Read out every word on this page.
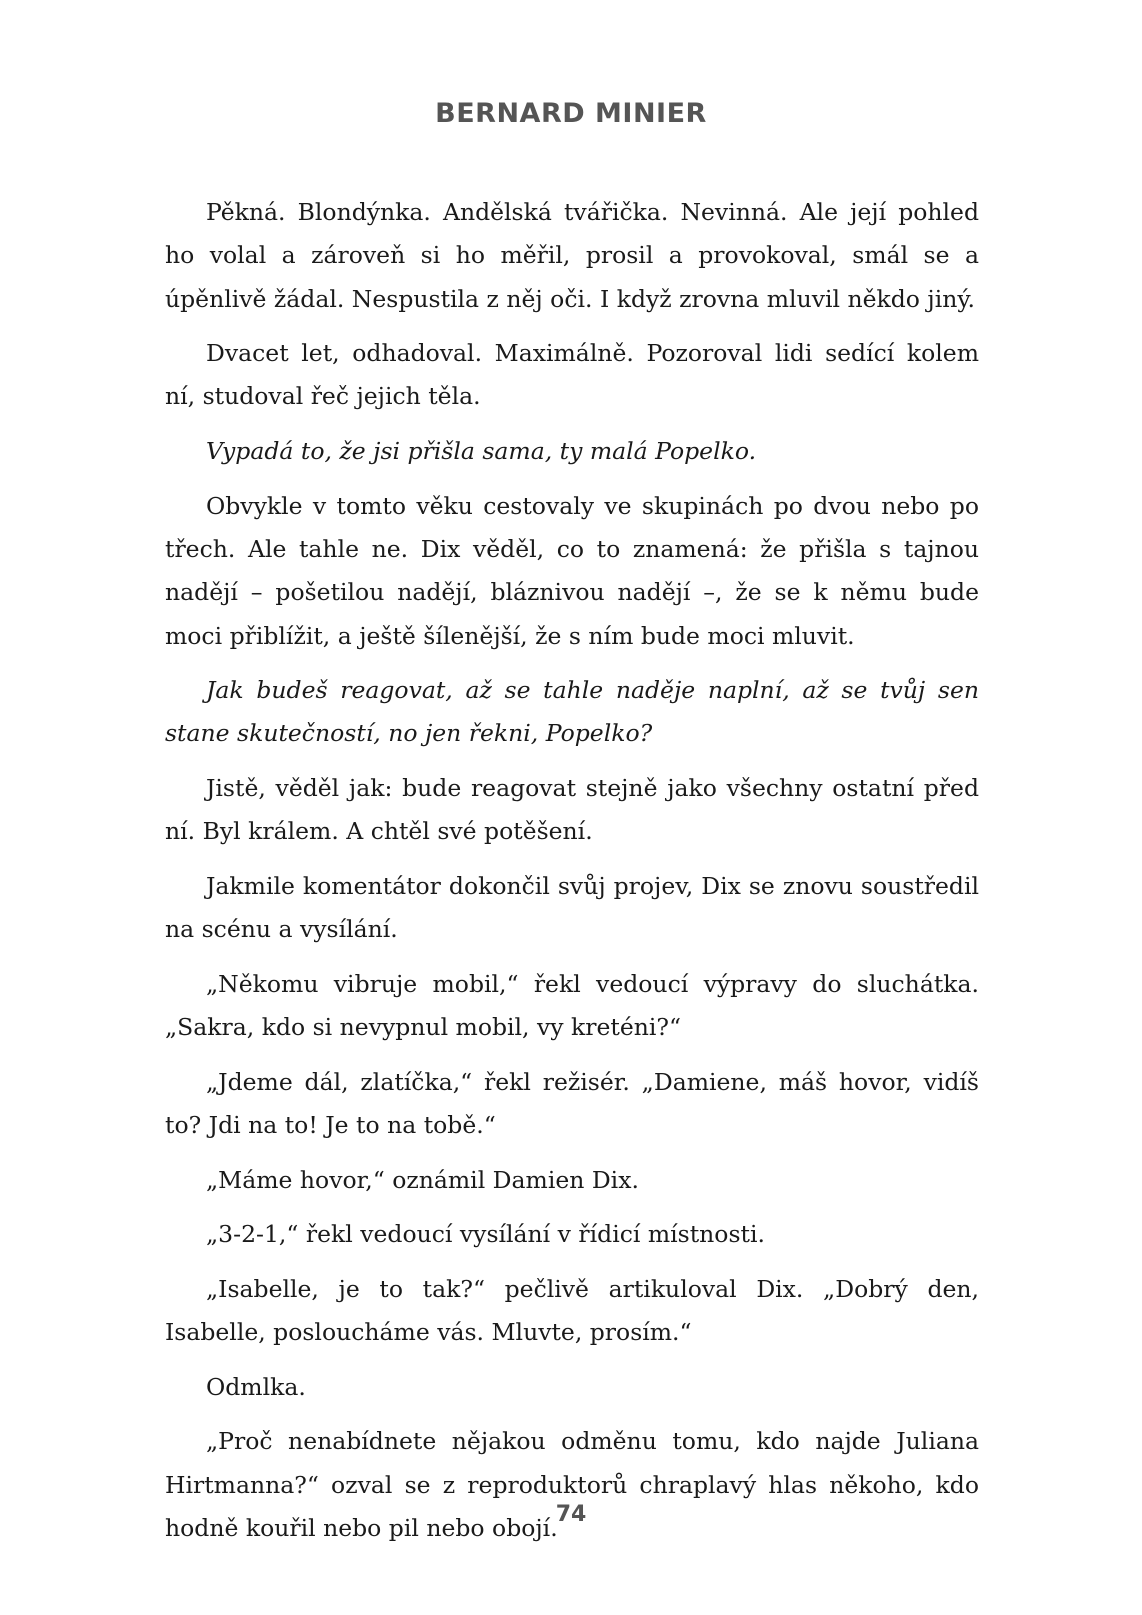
BERNARD MINIER

Pěkná. Blondýnka. Andělská tvářička. Nevinná. Ale její pohled ho volal a zároveň si ho měřil, prosil a provokoval, smál se a úpěnlivě žádal. Nespustila z něj oči. I když zrovna mluvil někdo jiný.

Dvacet let, odhadoval. Maximálně. Pozoroval lidi sedící kolem ní, studoval řeč jejich těla.

Vypadá to, že jsi přišla sama, ty malá Popelko.

Obvykle v tomto věku cestovaly ve skupinách po dvou nebo po třech. Ale tahle ne. Dix věděl, co to znamená: že přišla s tajnou nadějí – pošetilou nadějí, bláznivou nadějí –, že se k němu bude moci přiblížit, a ještě šílenější, že s ním bude moci mluvit.

Jak budeš reagovat, až se tahle naděje naplní, až se tvůj sen stane skutečností, no jen řekni, Popelko?

Jistě, věděl jak: bude reagovat stejně jako všechny ostatní před ní. Byl králem. A chtěl své potěšení.

Jakmile komentátor dokončil svůj projev, Dix se znovu soustředil na scénu a vysílání.

„Někomu vibruje mobil,“ řekl vedoucí výpravy do sluchátka. „Sakra, kdo si nevypnul mobil, vy kreténi?“

„Jdeme dál, zlatíčka,“ řekl režisér. „Damiene, máš hovor, vidíš to? Jdi na to! Je to na tobě.“

„Máme hovor,“ oznámil Damien Dix.

„3-2-1,“ řekl vedoucí vysílání v řídicí místnosti.

„Isabelle, je to tak?“ pečlivě artikuloval Dix. „Dobrý den, Isabelle, posloucháme vás. Mluvte, prosím.“

Odmlka.

„Proč nenabídnete nějakou odměnu tomu, kdo najde Juliana Hirtmanna?“ ozval se z reproduktorů chraplavý hlas někoho, kdo hodně kouřil nebo pil nebo obojí.

74
